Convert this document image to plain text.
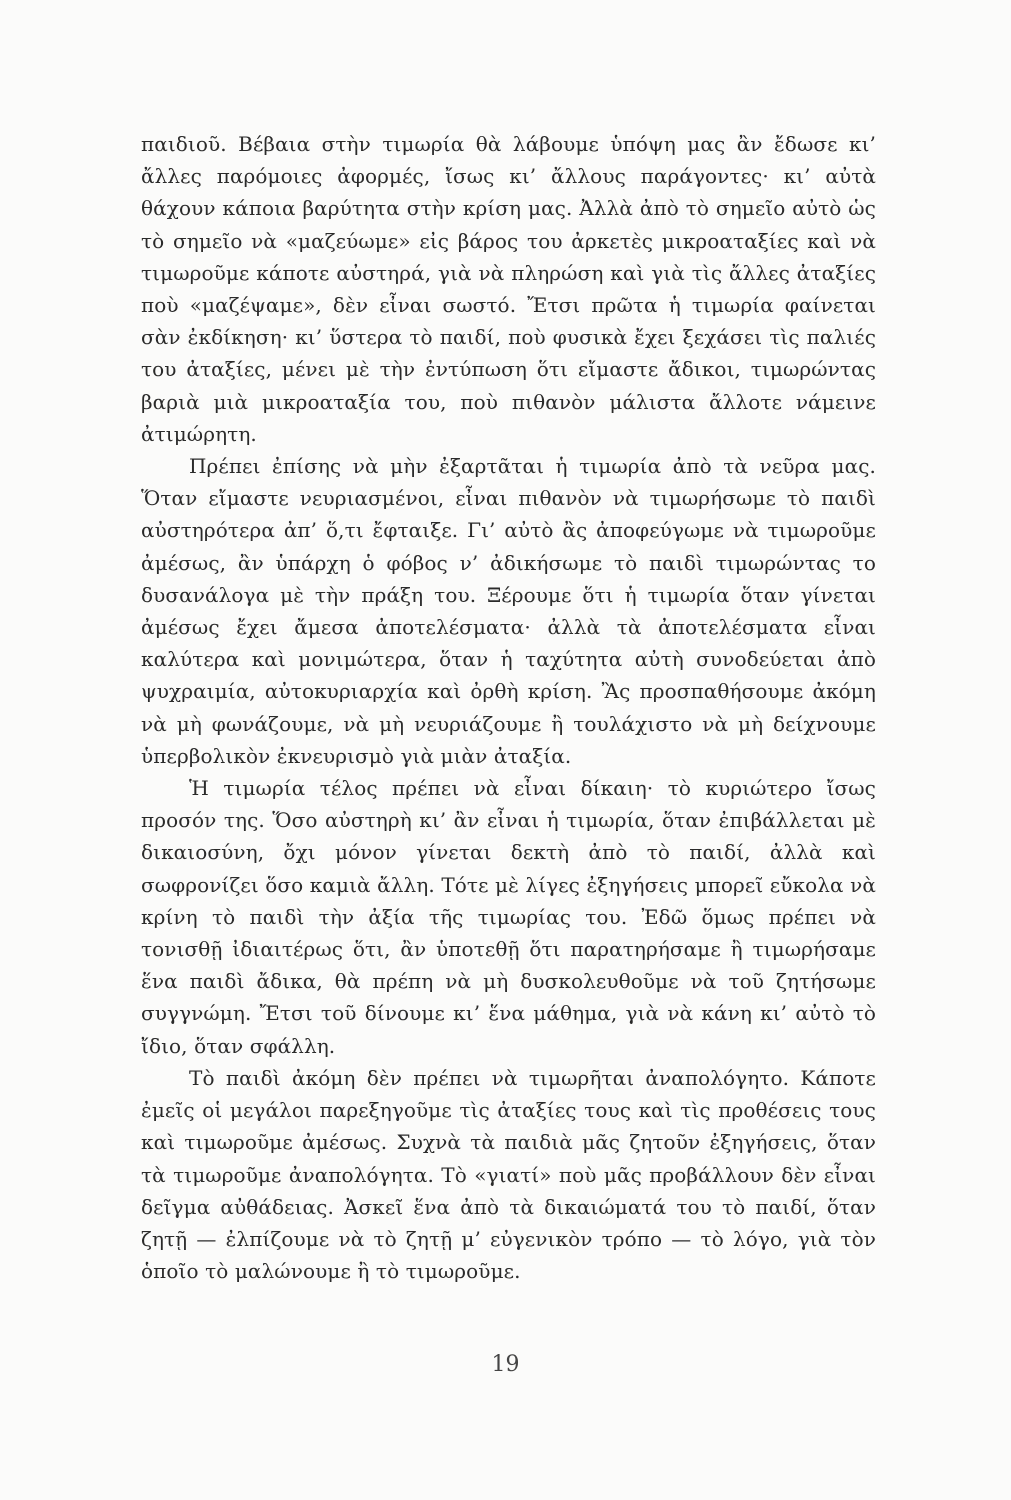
παιδιοῦ. Βέβαια στὴν τιμωρία θὰ λάβουμε ὑπόψη μας ἂν ἔδωσε κι’ ἄλλες παρόμοιες ἀφορμές, ἴσως κι’ ἄλλους παράγοντες· κι’ αὐτὰ θάχουν κάποια βαρύτητα στὴν κρίση μας. Ἀλλὰ ἀπὸ τὸ σημεῖο αὐτὸ ὡς τὸ σημεῖο νὰ «μαζεύωμε» εἰς βάρος του ἀρκετὲς μικροαταξίες καὶ νὰ τιμωροῦμε κάποτε αὐστηρά, γιὰ νὰ πληρώση καὶ γιὰ τὶς ἄλλες ἀταξίες ποὺ «μαζέψαμε», δὲν εἶναι σωστό. Ἔτσι πρῶτα ἡ τιμωρία φαίνεται σὰν ἐκδίκηση· κι’ ὕστερα τὸ παιδί, ποὺ φυσικὰ ἔχει ξεχάσει τὶς παλιές του ἀταξίες, μένει μὲ τὴν ἐντύπωση ὅτι εἴμαστε ἄδικοι, τιμωρώντας βαριὰ μιὰ μικροαταξία του, ποὺ πιθανὸν μάλιστα ἄλλοτε νάμεινε ἀτιμώρητη.

Πρέπει ἐπίσης νὰ μὴν ἐξαρτᾶται ἡ τιμωρία ἀπὸ τὰ νεῦρα μας. Ὅταν εἴμαστε νευριασμένοι, εἶναι πιθανὸν νὰ τιμωρήσωμε τὸ παιδὶ αὐστηρότερα ἀπ’ ὅ,τι ἔφταιξε. Γι’ αὐτὸ ἂς ἀποφεύγωμε νὰ τιμωροῦμε ἀμέσως, ἂν ὑπάρχη ὁ φόβος ν’ ἀδικήσωμε τὸ παιδὶ τιμωρώντας το δυσανάλογα μὲ τὴν πράξη του. Ξέρουμε ὅτι ἡ τιμωρία ὅταν γίνεται ἀμέσως ἔχει ἄμεσα ἀποτελέσματα· ἀλλὰ τὰ ἀποτελέσματα εἶναι καλύτερα καὶ μονιμώτερα, ὅταν ἡ ταχύτητα αὐτὴ συνοδεύεται ἀπὸ ψυχραιμία, αὐτοκυριαρχία καὶ ὀρθὴ κρίση. Ἂς προσπαθήσουμε ἀκόμη νὰ μὴ φωνάζουμε, νὰ μὴ νευριάζουμε ἢ τουλάχιστο νὰ μὴ δείχνουμε ὑπερβολικὸν ἐκνευρισμὸ γιὰ μιὰν ἀταξία.

Ἡ τιμωρία τέλος πρέπει νὰ εἶναι δίκαιη· τὸ κυριώτερο ἴσως προσόν της. Ὅσο αὐστηρὴ κι’ ἂν εἶναι ἡ τιμωρία, ὅταν ἐπιβάλλεται μὲ δικαιοσύνη, ὄχι μόνον γίνεται δεκτὴ ἀπὸ τὸ παιδί, ἀλλὰ καὶ σωφρονίζει ὅσο καμιὰ ἄλλη. Τότε μὲ λίγες ἐξηγήσεις μπορεῖ εὔκολα νὰ κρίνη τὸ παιδὶ τὴν ἀξία τῆς τιμωρίας του. Ἐδῶ ὅμως πρέπει νὰ τονισθῇ ἰδιαιτέρως ὅτι, ἂν ὑποτεθῇ ὅτι παρατηρήσαμε ἢ τιμωρήσαμε ἕνα παιδὶ ἄδικα, θὰ πρέπη νὰ μὴ δυσκολευθοῦμε νὰ τοῦ ζητήσωμε συγγνώμη. Ἔτσι τοῦ δίνουμε κι’ ἕνα μάθημα, γιὰ νὰ κάνη κι’ αὐτὸ τὸ ἴδιο, ὅταν σφάλλη.

Τὸ παιδὶ ἀκόμη δὲν πρέπει νὰ τιμωρῆται ἀναπολόγητο. Κάποτε ἐμεῖς οἱ μεγάλοι παρεξηγοῦμε τὶς ἀταξίες τους καὶ τὶς προθέσεις τους καὶ τιμωροῦμε ἀμέσως. Συχνὰ τὰ παιδιὰ μᾶς ζητοῦν ἐξηγήσεις, ὅταν τὰ τιμωροῦμε ἀναπολόγητα. Τὸ «γιατί» ποὺ μᾶς προβάλλουν δὲν εἶναι δεῖγμα αὐθάδειας. Ἀσκεῖ ἕνα ἀπὸ τὰ δικαιώματά του τὸ παιδί, ὅταν ζητῇ — ἐλπίζουμε νὰ τὸ ζητῇ μ’ εὐγενικὸν τρόπο — τὸ λόγο, γιὰ τὸν ὁποῖο τὸ μαλώνουμε ἢ τὸ τιμωροῦμε.

19
